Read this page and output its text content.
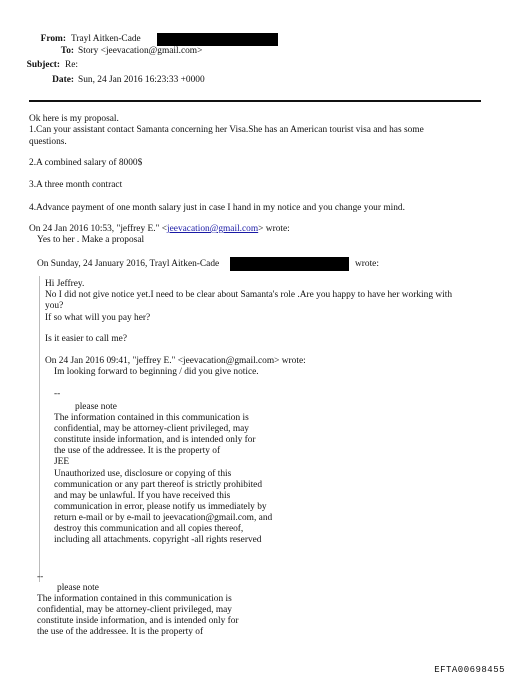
From: Trayl Aitken-Cade
To: Story <jeevacation@gmail.com>
Subject: Re:
Date: Sun, 24 Jan 2016 16:23:33 +0000
Ok here is my proposal.
1.Can your assistant contact Samanta concerning her Visa.She has an American tourist visa and has some
questions.
2.A combined salary of 8000$
3.A three month contract
4.Advance payment of one month salary just in case I hand in my notice and you change your mind.
On 24 Jan 2016 10:53, "jeffrey E." <jeevacation@gmail.com> wrote:
Yes to her . Make a proposal
On Sunday, 24 January 2016, Trayl Aitken-Cade	wrote:
Hi Jeffrey.
No I did not give notice yet.I need to be clear about Samanta's role .Are you happy to have her working with
you?
If so what will you pay her?
Is it easier to call me?
On 24 Jan 2016 09:41, "jeffrey E." <jeevacation@gmail.com> wrote:
Im looking forward to beginning / did you give notice.
--
please note
The information contained in this communication is
confidential, may be attorney-client privileged, may
constitute inside information, and is intended only for
the use of the addressee. It is the property of
JEE
Unauthorized use, disclosure or copying of this
communication or any part thereof is strictly prohibited
and may be unlawful. If you have received this
communication in error, please notify us immediately by
return e-mail or by e-mail to jeevacation@gmail.com, and
destroy this communication and all copies thereof,
including all attachments. copyright -all rights reserved
--
please note
The information contained in this communication is
confidential, may be attorney-client privileged, may
constitute inside information, and is intended only for
the use of the addressee. It is the property of
EFTA00698455
